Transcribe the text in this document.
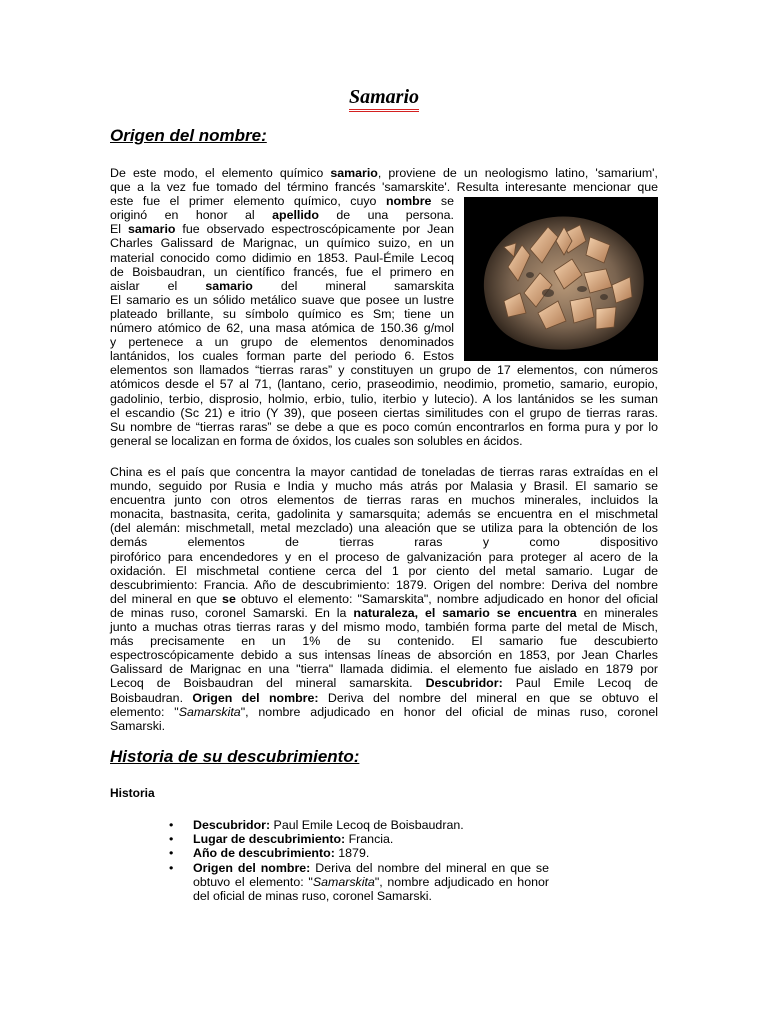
Samario
Origen del nombre:
De este modo, el elemento químico samario, proviene de un neologismo latino, 'samarium',
que a la vez fue tomado del término francés 'samarskite'. Resulta interesante mencionar que
este fue el primer elemento químico, cuyo nombre se
originó en honor al apellido de una persona.
El samario fue observado espectroscópicamente por Jean
Charles Galissard de Marignac, un químico suizo, en un
material conocido como didimio en 1853. Paul-Émile Lecoq
de Boisbaudran, un científico francés, fue el primero en
aislar el samario del mineral samarskita
El samario es un sólido metálico suave que posee un lustre
plateado brillante, su símbolo químico es Sm; tiene un
número atómico de 62, una masa atómica de 150.36 g/mol
y pertenece a un grupo de elementos denominados
lantánidos, los cuales forman parte del periodo 6. Estos
elementos son llamados “tierras raras” y constituyen un grupo de 17 elementos, con números
atómicos desde el 57 al 71, (lantano, cerio, praseodimio, neodimio, prometio, samario, europio,
gadolinio, terbio, disprosio, holmio, erbio, tulio, iterbio y lutecio). A los lantánidos se les suman
el escandio (Sc 21) e itrio (Y 39), que poseen ciertas similitudes con el grupo de tierras raras.
Su nombre de “tierras raras” se debe a que es poco común encontrarlos en forma pura y por lo
general se localizan en forma de óxidos, los cuales son solubles en ácidos.
China es el país que concentra la mayor cantidad de toneladas de tierras raras extraídas en el
mundo, seguido por Rusia e India y mucho más atrás por Malasia y Brasil. El samario se
encuentra junto con otros elementos de tierras raras en muchos minerales, incluidos la
monacita, bastnasita, cerita, gadolinita y samarsquita; además se encuentra en el mischmetal
(del alemán: mischmetall, metal mezclado) una aleación que se utiliza para la obtención de los
demás elementos de tierras raras y como dispositivo
pirofórico para encendedores y en el proceso de galvanización para proteger al acero de la
oxidación. El mischmetal contiene cerca del 1 por ciento del metal samario. Lugar de
descubrimiento: Francia. Año de descubrimiento: 1879. Origen del nombre: Deriva del nombre
del mineral en que se obtuvo el elemento: "Samarskita", nombre adjudicado en honor del oficial
de minas ruso, coronel Samarski. En la naturaleza, el samario se encuentra en minerales
junto a muchas otras tierras raras y del mismo modo, también forma parte del metal de Misch,
más precisamente en un 1% de su contenido. El samario fue descubierto
espectroscópicamente debido a sus intensas líneas de absorción en 1853, por Jean Charles
Galissard de Marignac en una "tierra" llamada didimia. el elemento fue aislado en 1879 por
Lecoq de Boisbaudran del mineral samarskita. Descubridor: Paul Emile Lecoq de
Boisbaudran. Origen del nombre: Deriva del nombre del mineral en que se obtuvo el
elemento: "Samarskita", nombre adjudicado en honor del oficial de minas ruso, coronel
Samarski.
Historia de su descubrimiento:
Historia
• Descubridor: Paul Emile Lecoq de Boisbaudran.
• Lugar de descubrimiento: Francia.
• Año de descubrimiento: 1879.
• Origen del nombre: Deriva del nombre del mineral en que se obtuvo el elemento: "Samarskita", nombre adjudicado en honor del oficial de minas ruso, coronel Samarski.
